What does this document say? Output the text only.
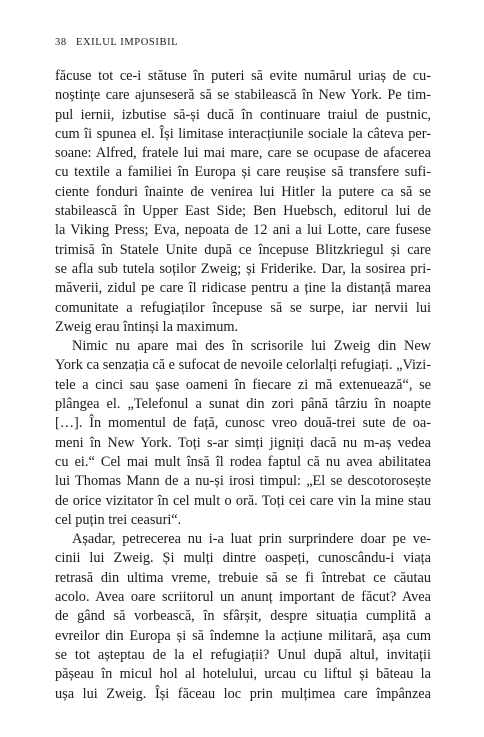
38 EXILUL IMPOSIBIL
făcuse tot ce-i stătuse în puteri să evite numărul uriaș de cu-
noștințe care ajunseseră să se stabilească în New York. Pe tim-
pul iernii, izbutise să-și ducă în continuare traiul de pustnic,
cum îi spunea el. Își limitase interacțiunile sociale la câteva per-
soane: Alfred, fratele lui mai mare, care se ocupase de afacerea
cu textile a familiei în Europa și care reușise să transfere sufi-
ciente fonduri înainte de venirea lui Hitler la putere ca să se
stabilească în Upper East Side; Ben Huebsch, editorul lui de
la Viking Press; Eva, nepoata de 12 ani a lui Lotte, care fusese
trimisă în Statele Unite după ce începuse Blitzkriegul și care
se afla sub tutela soților Zweig; și Friderike. Dar, la sosirea pri-
măverii, zidul pe care îl ridicase pentru a ține la distanță marea
comunitate a refugiaților începuse să se surpe, iar nervii lui
Zweig erau întinși la maximum.
Nimic nu apare mai des în scrisorile lui Zweig din New
York ca senzația că e sufocat de nevoile celorlalți refugiați. „Vizi-
tele a cinci sau șase oameni în fiecare zi mă extenuează“, se
plângea el. „Telefonul a sunat din zori până târziu în noapte
[…]. În momentul de față, cunosc vreo două-trei sute de oa-
meni în New York. Toți s-ar simți jigniți dacă nu m-aș vedea
cu ei.“ Cel mai mult însă îl rodea faptul că nu avea abilitatea
lui Thomas Mann de a nu-și irosi timpul: „El se descotorosește
de orice vizitator în cel mult o oră. Toți cei care vin la mine stau
cel puțin trei ceasuri“.
Așadar, petrecerea nu i-a luat prin surprindere doar pe ve-
cinii lui Zweig. Și mulți dintre oaspeți, cunoscându-i viața
retrasă din ultima vreme, trebuie să se fi întrebat ce căutau
acolo. Avea oare scriitorul un anunț important de făcut? Avea
de gând să vorbească, în sfârșit, despre situația cumplită a
evreilor din Europa și să îndemne la acțiune militară, așa cum
se tot așteptau de la el refugiații? Unul după altul, invitații
pășeau în micul hol al hotelului, urcau cu liftul și băteau la
ușa lui Zweig. Își făceau loc prin mulțimea care împânzea
